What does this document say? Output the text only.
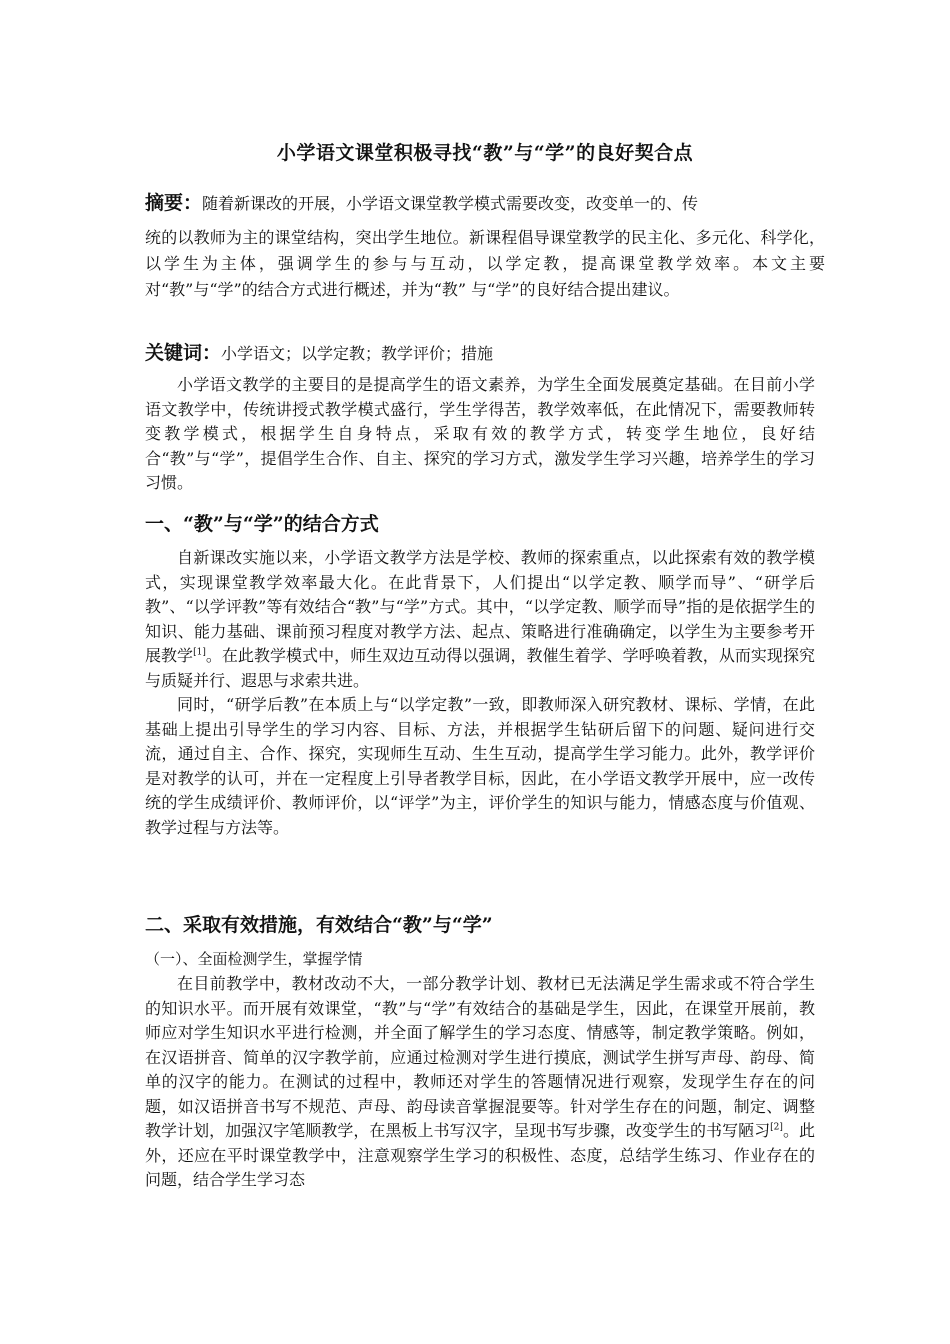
小学语文课堂积极寻找“教”与“学”的良好契合点
摘要：随着新课改的开展，小学语文课堂教学模式需要改变，改变单一的、传
统的以教师为主的课堂结构，突出学生地位。新课程倡导课堂教学的民主化、多元化、科学化，以学生为主体，强调学生的参与与互动，以学定教，提高课堂教学效率。本文主要对“教”与“学”的结合方式进行概述，并为“教” 与“学”的良好结合提出建议。
关键词：小学语文；以学定教；教学评价；措施

小学语文教学的主要目的是提高学生的语文素养，为学生全面发展奠定基础。在目前小学语文教学中，传统讲授式教学模式盛行，学生学得苦，教学效率低，在此情况下，需要教师转变教学模式，根据学生自身特点，采取有效的教学方式，转变学生地位，良好结合“教”与“学”，提倡学生合作、自主、探究的学习方式，激发学生学习兴趣，培养学生的学习习惯。

一、“教”与“学”的结合方式

自新课改实施以来，小学语文教学方法是学校、教师的探索重点，以此探索有效的教学模式，实现课堂教学效率最大化。在此背景下，人们提出“以学定教、顺学而导”、“研学后教”、“以学评教”等有效结合“教”与“学”方式。其中，“以学定教、顺学而导”指的是依据学生的知识、能力基础、课前预习程度对教学方法、起点、策略进行准确确定，以学生为主要参考开展教学[1]。在此教学模式中，师生双边互动得以强调，教催生着学、学呼唤着教，从而实现探究与质疑并行、遐思与求索共进。

同时，“研学后教”在本质上与“以学定教”一致，即教师深入研究教材、课标、学情，在此基础上提出引导学生的学习内容、目标、方法，并根据学生钻研后留下的问题、疑问进行交流，通过自主、合作、探究，实现师生互动、生生互动，提高学生学习能力。此外，教学评价是对教学的认可，并在一定程度上引导者教学目标，因此，在小学语文教学开展中，应一改传统的学生成绩评价、教师评价，以“评学”为主，评价学生的知识与能力，情感态度与价值观、教学过程与方法等。

二、采取有效措施，有效结合“教”与“学”

（一）、全面检测学生，掌握学情

在目前教学中，教材改动不大，一部分教学计划、教材已无法满足学生需求或不符合学生的知识水平。而开展有效课堂，“教”与“学”有效结合的基础是学生，因此，在课堂开展前，教师应对学生知识水平进行检测，并全面了解学生的学习态度、情感等，制定教学策略。例如，在汉语拼音、简单的汉字教学前，应通过检测对学生进行摸底，测试学生拼写声母、韵母、简单的汉字的能力。在测试的过程中，教师还对学生的答题情况进行观察，发现学生存在的问题，如汉语拼音书写不规范、声母、韵母读音掌握混要等。针对学生存在的问题，制定、调整教学计划，加强汉字笔顺教学，在黑板上书写汉字，呈现书写步骤，改变学生的书写陋习[2]。此外，还应在平时课堂教学中，注意观察学生学习的积极性、态度，总结学生练习、作业存在的问题，结合学生学习态
